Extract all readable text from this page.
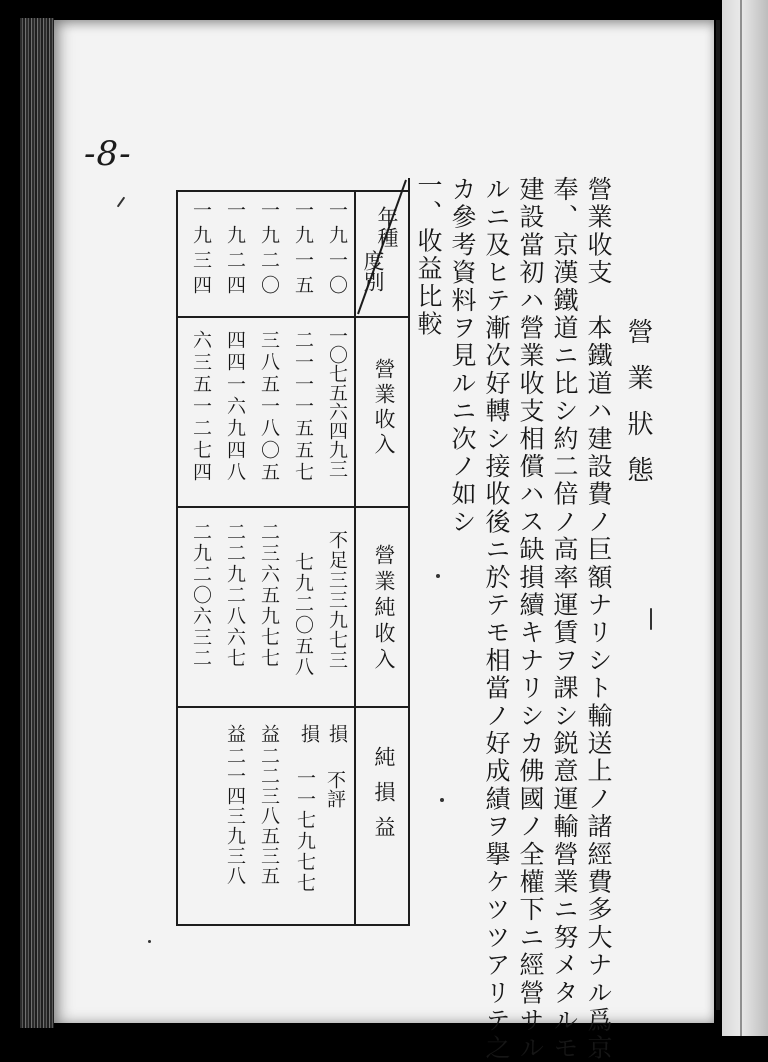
-8-
營業狀態
營業收支　本鐵道ハ建設費ノ巨額ナリシト輸送上ノ諸經費多大ナル爲京
奉、京漢鐵道ニ比シ約二倍ノ高率運賃ヲ課シ鋭意運輸營業ニ努メタルモ
建設當初ハ營業收支相償ハス缺損續キナリシカ佛國ノ全權下ニ經營サル
ルニ及ヒテ漸次好轉シ接收後ニ於テモ相當ノ好成績ヲ擧ケツツアリテ之
カ參考資料ヲ見ルニ次ノ如シ
一、收益比較
年種
度別
營業收入
營業純收入
純損益
一九一〇
一〇七五六四九三
不足三三九七三
損
不評
一九一五
二一一一五五七
七九二〇五八
損
一一七九七七
一九二〇
三八五一八〇五
二三六五九七七
益
二二三八五三五
一九二四
四四一六九四八
二二九二八六七
益
二一四三九三八
一九三四
六三五一二七四
二九二〇六三二
